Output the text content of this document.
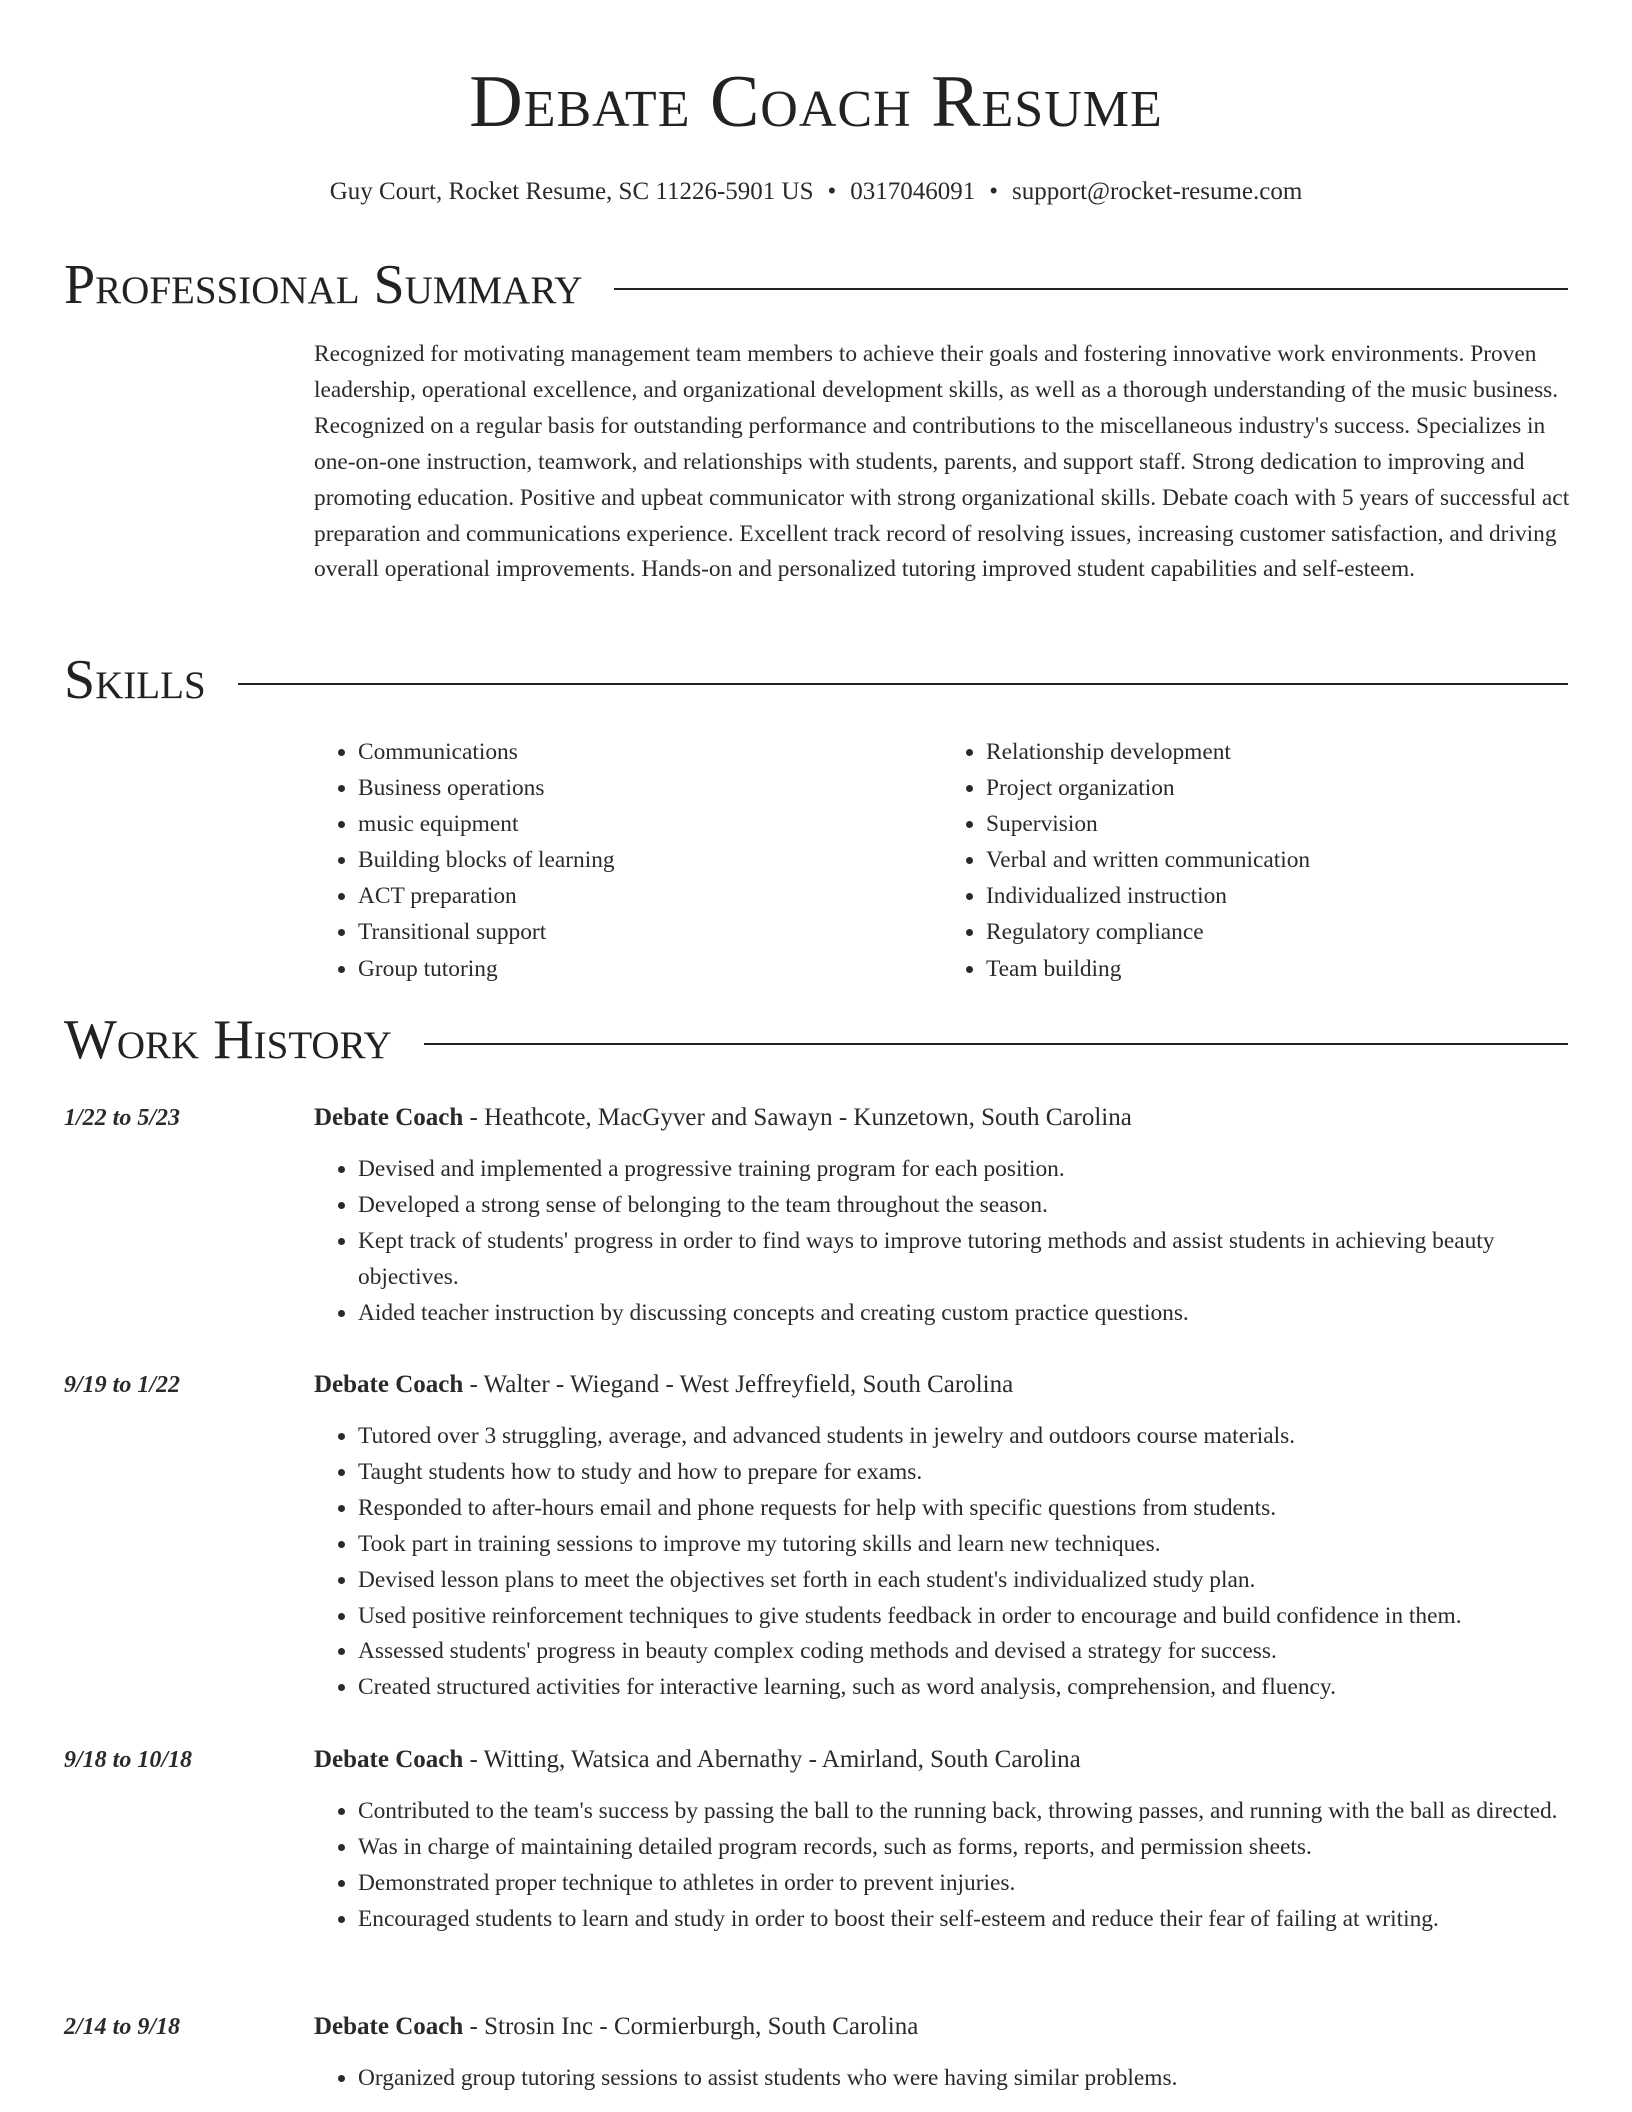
Debate Coach Resume
Guy Court, Rocket Resume, SC 11226-5901 US • 0317046091 • support@rocket-resume.com
Professional Summary

Recognized for motivating management team members to achieve their goals and fostering innovative work environments. Proven leadership, operational excellence, and organizational development skills, as well as a thorough understanding of the music business. Recognized on a regular basis for outstanding performance and contributions to the miscellaneous industry's success. Specializes in one-on-one instruction, teamwork, and relationships with students, parents, and support staff. Strong dedication to improving and promoting education. Positive and upbeat communicator with strong organizational skills. Debate coach with 5 years of successful act preparation and communications experience. Excellent track record of resolving issues, increasing customer satisfaction, and driving overall operational improvements. Hands-on and personalized tutoring improved student capabilities and self-esteem.

Skills
• Communications
• Business operations
• music equipment
• Building blocks of learning
• ACT preparation
• Transitional support
• Group tutoring
• Relationship development
• Project organization
• Supervision
• Verbal and written communication
• Individualized instruction
• Regulatory compliance
• Team building
Work History
1/22 to 5/23	Debate Coach - Heathcote, MacGyver and Sawayn - Kunzetown, South Carolina
• Devised and implemented a progressive training program for each position.
• Developed a strong sense of belonging to the team throughout the season.
• Kept track of students' progress in order to find ways to improve tutoring methods and assist students in achieving beauty objectives.
• Aided teacher instruction by discussing concepts and creating custom practice questions.
9/19 to 1/22	Debate Coach - Walter - Wiegand - West Jeffreyfield, South Carolina
• Tutored over 3 struggling, average, and advanced students in jewelry and outdoors course materials.
• Taught students how to study and how to prepare for exams.
• Responded to after-hours email and phone requests for help with specific questions from students.
• Took part in training sessions to improve my tutoring skills and learn new techniques.
• Devised lesson plans to meet the objectives set forth in each student's individualized study plan.
• Used positive reinforcement techniques to give students feedback in order to encourage and build confidence in them.
• Assessed students' progress in beauty complex coding methods and devised a strategy for success.
• Created structured activities for interactive learning, such as word analysis, comprehension, and fluency.
9/18 to 10/18	Debate Coach - Witting, Watsica and Abernathy - Amirland, South Carolina
• Contributed to the team's success by passing the ball to the running back, throwing passes, and running with the ball as directed.
• Was in charge of maintaining detailed program records, such as forms, reports, and permission sheets.
• Demonstrated proper technique to athletes in order to prevent injuries.
• Encouraged students to learn and study in order to boost their self-esteem and reduce their fear of failing at writing.
2/14 to 9/18	Debate Coach - Strosin Inc - Cormierburgh, South Carolina
• Organized group tutoring sessions to assist students who were having similar problems.
